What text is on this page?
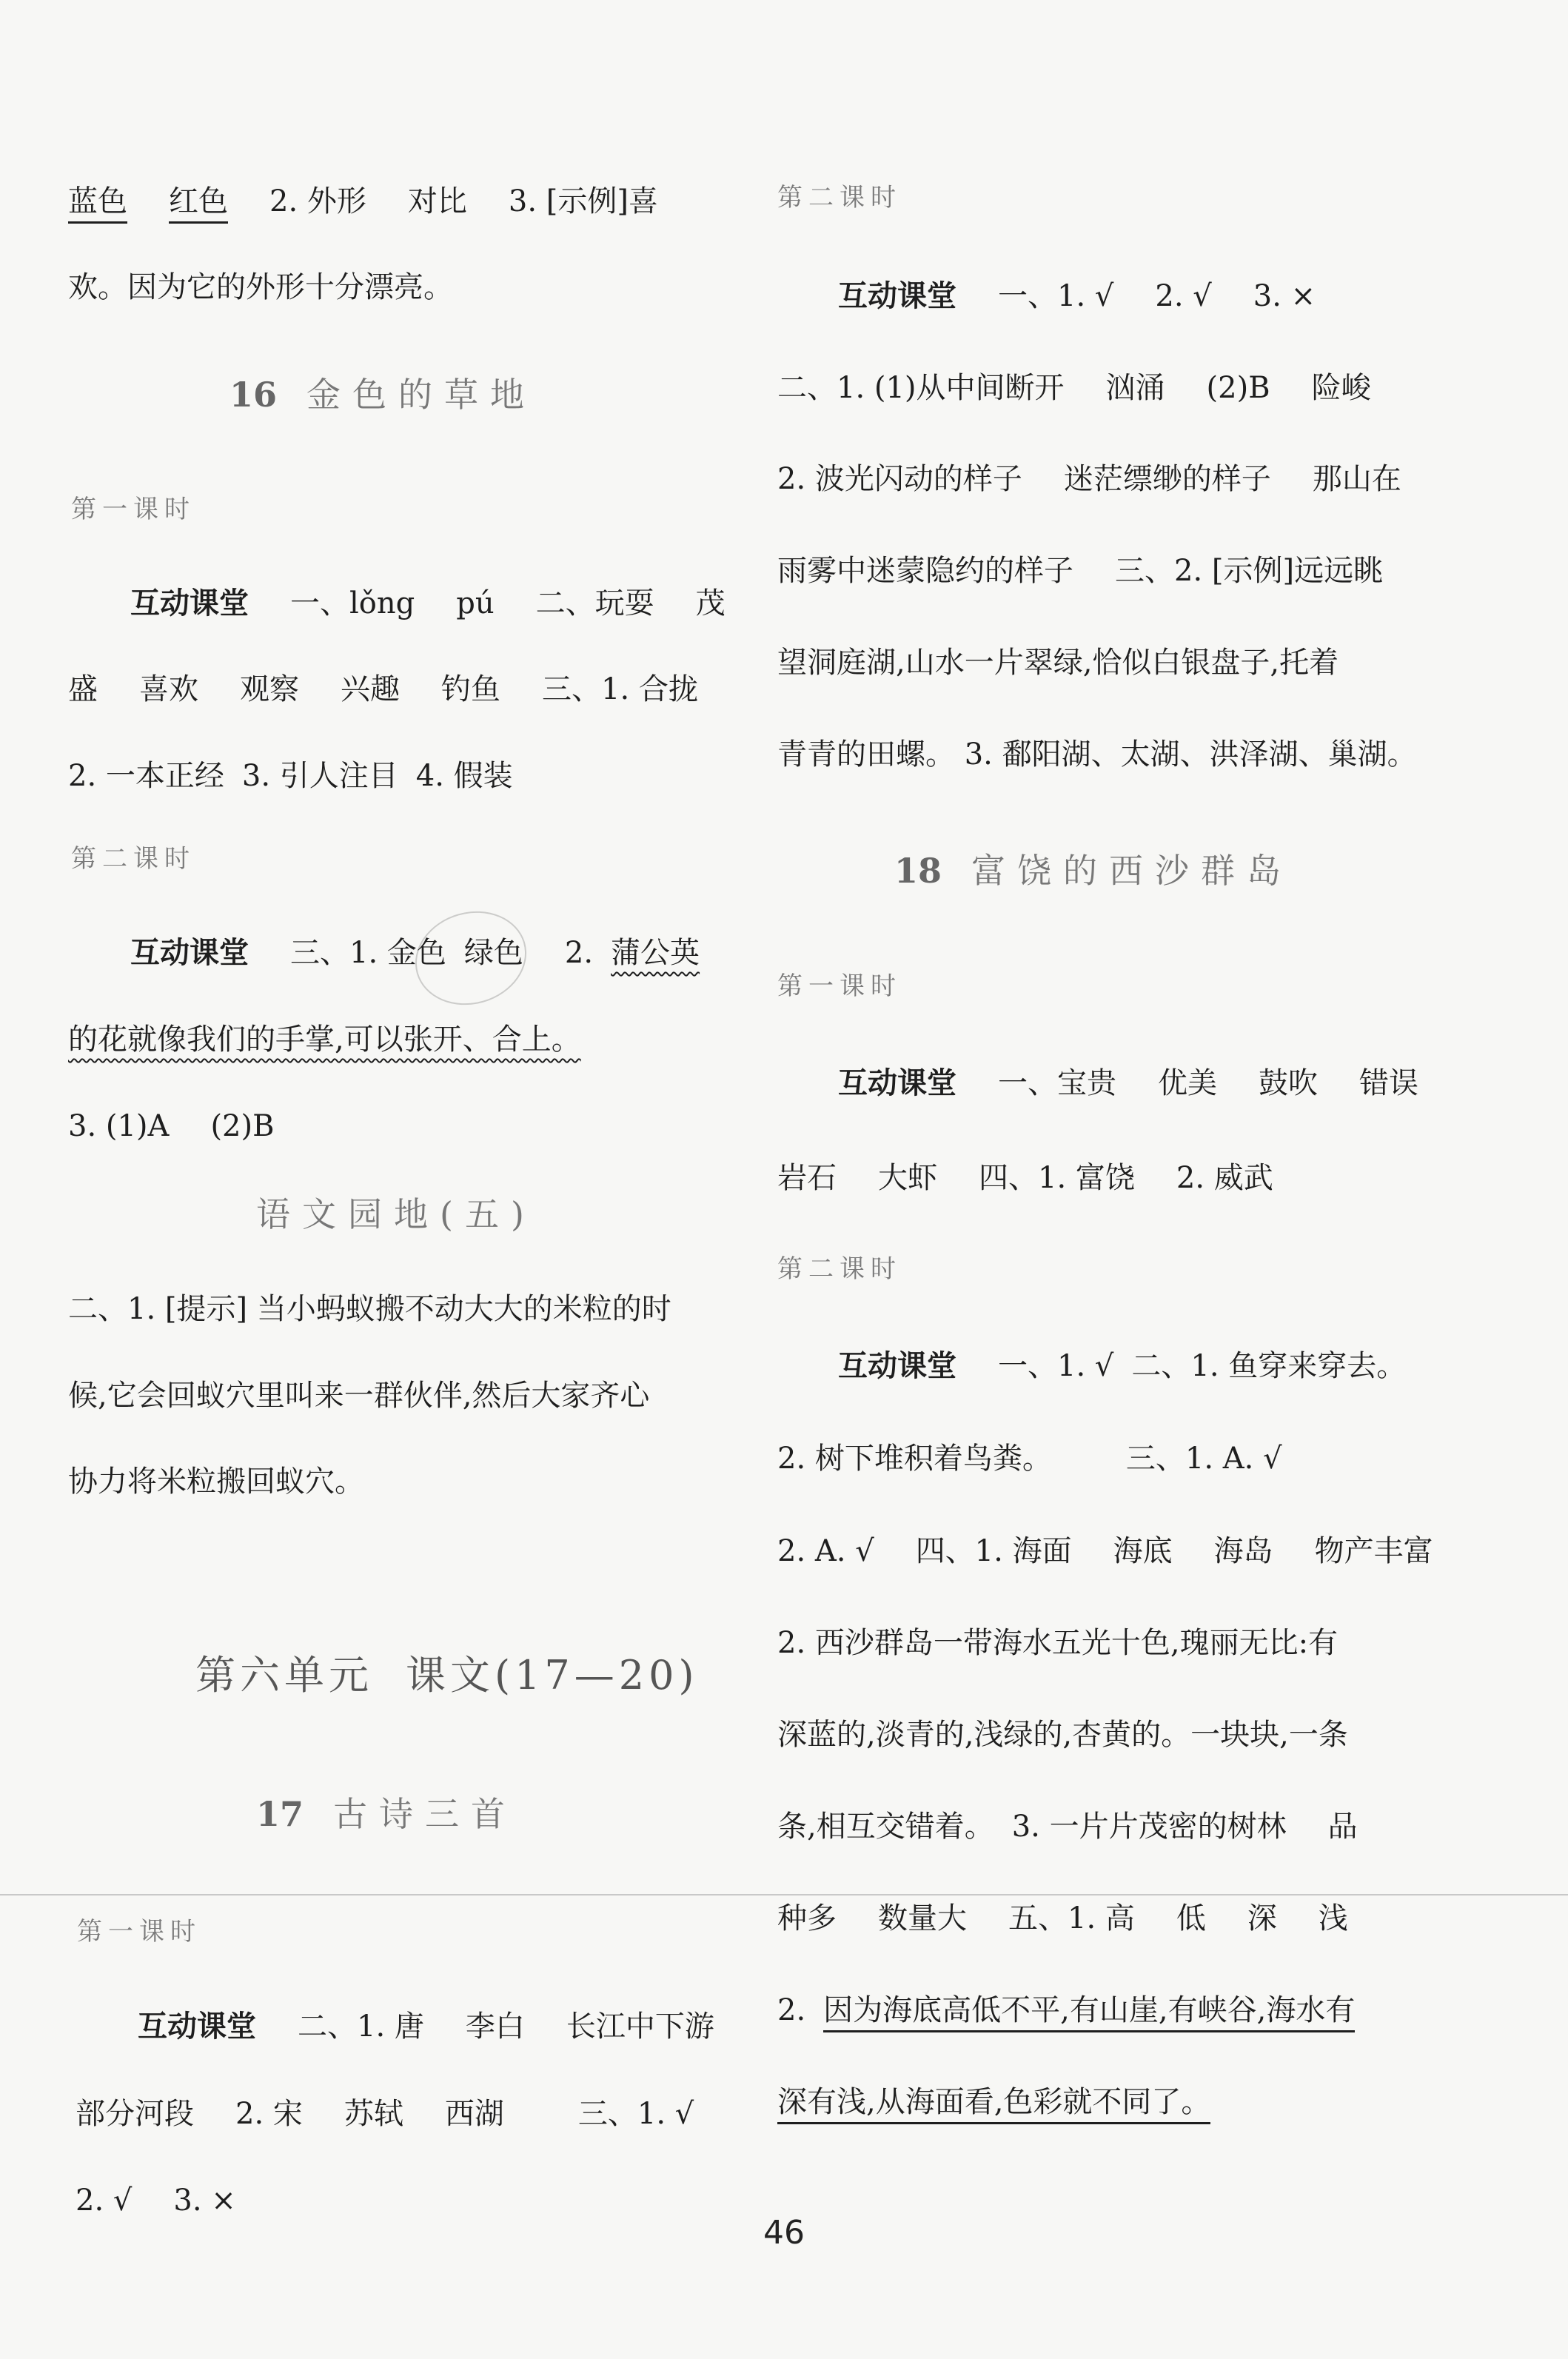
蓝色 红色 2. 外形 对比 3. [示例]喜
欢。因为它的外形十分漂亮。
16 金色的草地
第一课时
互动课堂 一、lǒng pú 二、玩耍 茂
盛 喜欢 观察 兴趣 钓鱼 三、1. 合拢
2. 一本正经 3. 引人注目 4. 假装
第二课时
互动课堂 三、1. 金色 绿色 2. 蒲公英
的花就像我们的手掌,可以张开、合上。
3. (1)A (2)B
语文园地(五)
二、1. [提示] 当小蚂蚁搬不动大大的米粒的时
候,它会回蚁穴里叫来一群伙伴,然后大家齐心
协力将米粒搬回蚁穴。
第六单元 课文(17—20)
17 古诗三首
第一课时
互动课堂 二、1. 唐 李白 长江中下游
部分河段 2. 宋 苏轼 西湖	三、1. √
2. √ 3. ×
第二课时
互动课堂 一、1. √ 2. √ 3. ×
二、1. (1)从中间断开 汹涌 (2)B 险峻
2. 波光闪动的样子 迷茫缥缈的样子 那山在
雨雾中迷蒙隐约的样子 三、2. [示例]远远眺
望洞庭湖,山水一片翠绿,恰似白银盘子,托着
青青的田螺。 3. 鄱阳湖、太湖、洪泽湖、巢湖。
18 富饶的西沙群岛
第一课时
互动课堂 一、宝贵 优美 鼓吹 错误
岩石 大虾 四、1. 富饶 2. 威武
第二课时
互动课堂 一、1. √ 二、1. 鱼穿来穿去。
2. 树下堆积着鸟粪。	三、1. A. √
2. A. √ 四、1. 海面 海底 海岛 物产丰富
2. 西沙群岛一带海水五光十色,瑰丽无比:有
深蓝的,淡青的,浅绿的,杏黄的。一块块,一条
条,相互交错着。 3. 一片片茂密的树林 品
种多 数量大 五、1. 高 低 深 浅
2. 因为海底高低不平,有山崖,有峡谷,海水有
深有浅,从海面看,色彩就不同了。
46
